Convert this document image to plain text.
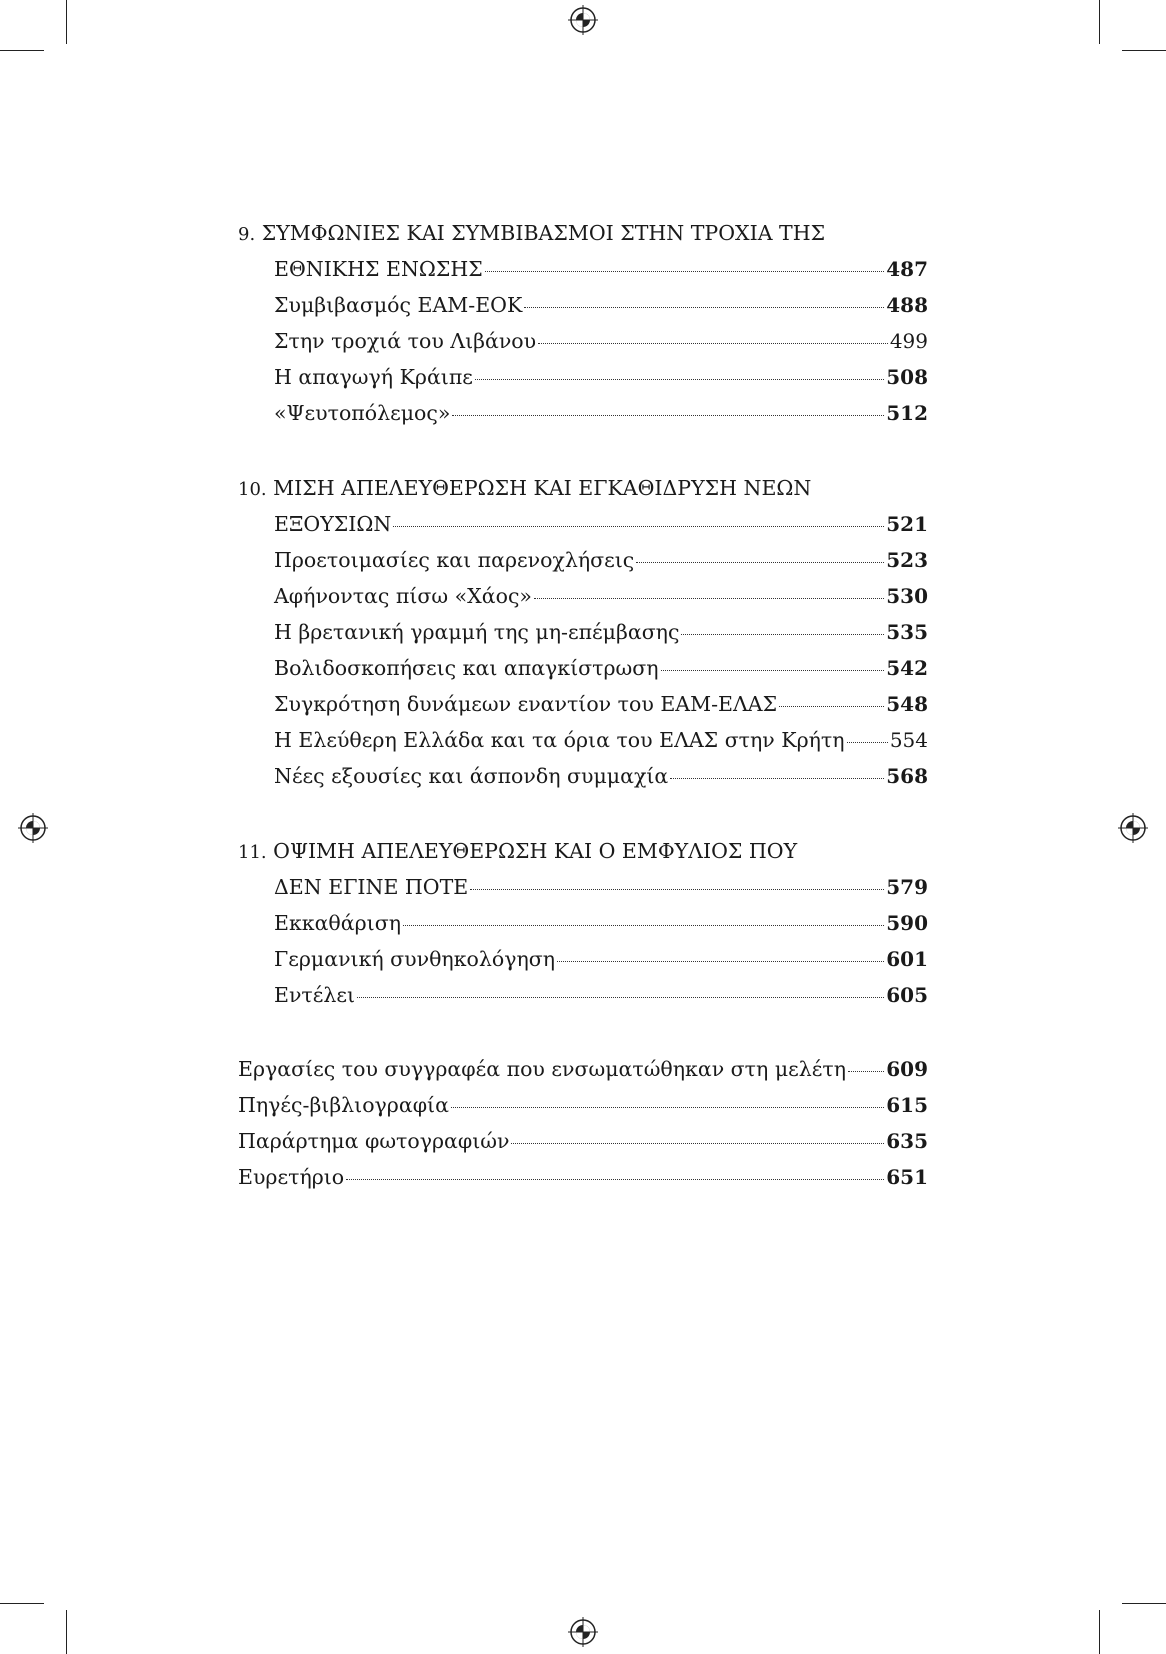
9. ΣΥΜΦΩΝΙΕΣ ΚΑΙ ΣΥΜΒΙΒΑΣΜΟΙ ΣΤΗΝ ΤΡΟΧΙΑ ΤΗΣ
ΕΘΝΙΚΗΣ ΕΝΩΣΗΣ	487
Συμβιβασμός ΕΑΜ-ΕΟΚ	488
Στην τροχιά του Λιβάνου	499
Η απαγωγή Κράιπε	508
«Ψευτοπόλεμος»	512
10. ΜΙΣΗ ΑΠΕΛΕΥΘΕΡΩΣΗ ΚΑΙ ΕΓΚΑΘΙΔΡΥΣΗ ΝΕΩΝ
ΕΞΟΥΣΙΩΝ	521
Προετοιμασίες και παρενοχλήσεις	523
Αφήνοντας πίσω «Χάος»	530
Η βρετανική γραμμή της μη-επέμβασης	535
Βολιδοσκοπήσεις και απαγκίστρωση	542
Συγκρότηση δυνάμεων εναντίον του ΕΑΜ-ΕΛΑΣ	548
Η Ελεύθερη Ελλάδα και τα όρια του ΕΛΑΣ στην Κρήτη 554
Νέες εξουσίες και άσπονδη συμμαχία	568
11. ΟΨΙΜΗ ΑΠΕΛΕΥΘΕΡΩΣΗ ΚΑΙ Ο ΕΜΦΥΛΙΟΣ ΠΟΥ
ΔΕΝ ΕΓΙΝΕ ΠΟΤΕ	579
Εκκαθάριση	590
Γερμανική συνθηκολόγηση	601
Εντέλει	605
Εργασίες του συγγραφέα που ενσωματώθηκαν στη μελέτη 609
Πηγές-βιβλιογραφία	615
Παράρτημα φωτογραφιών	635
Ευρετήριο	651
